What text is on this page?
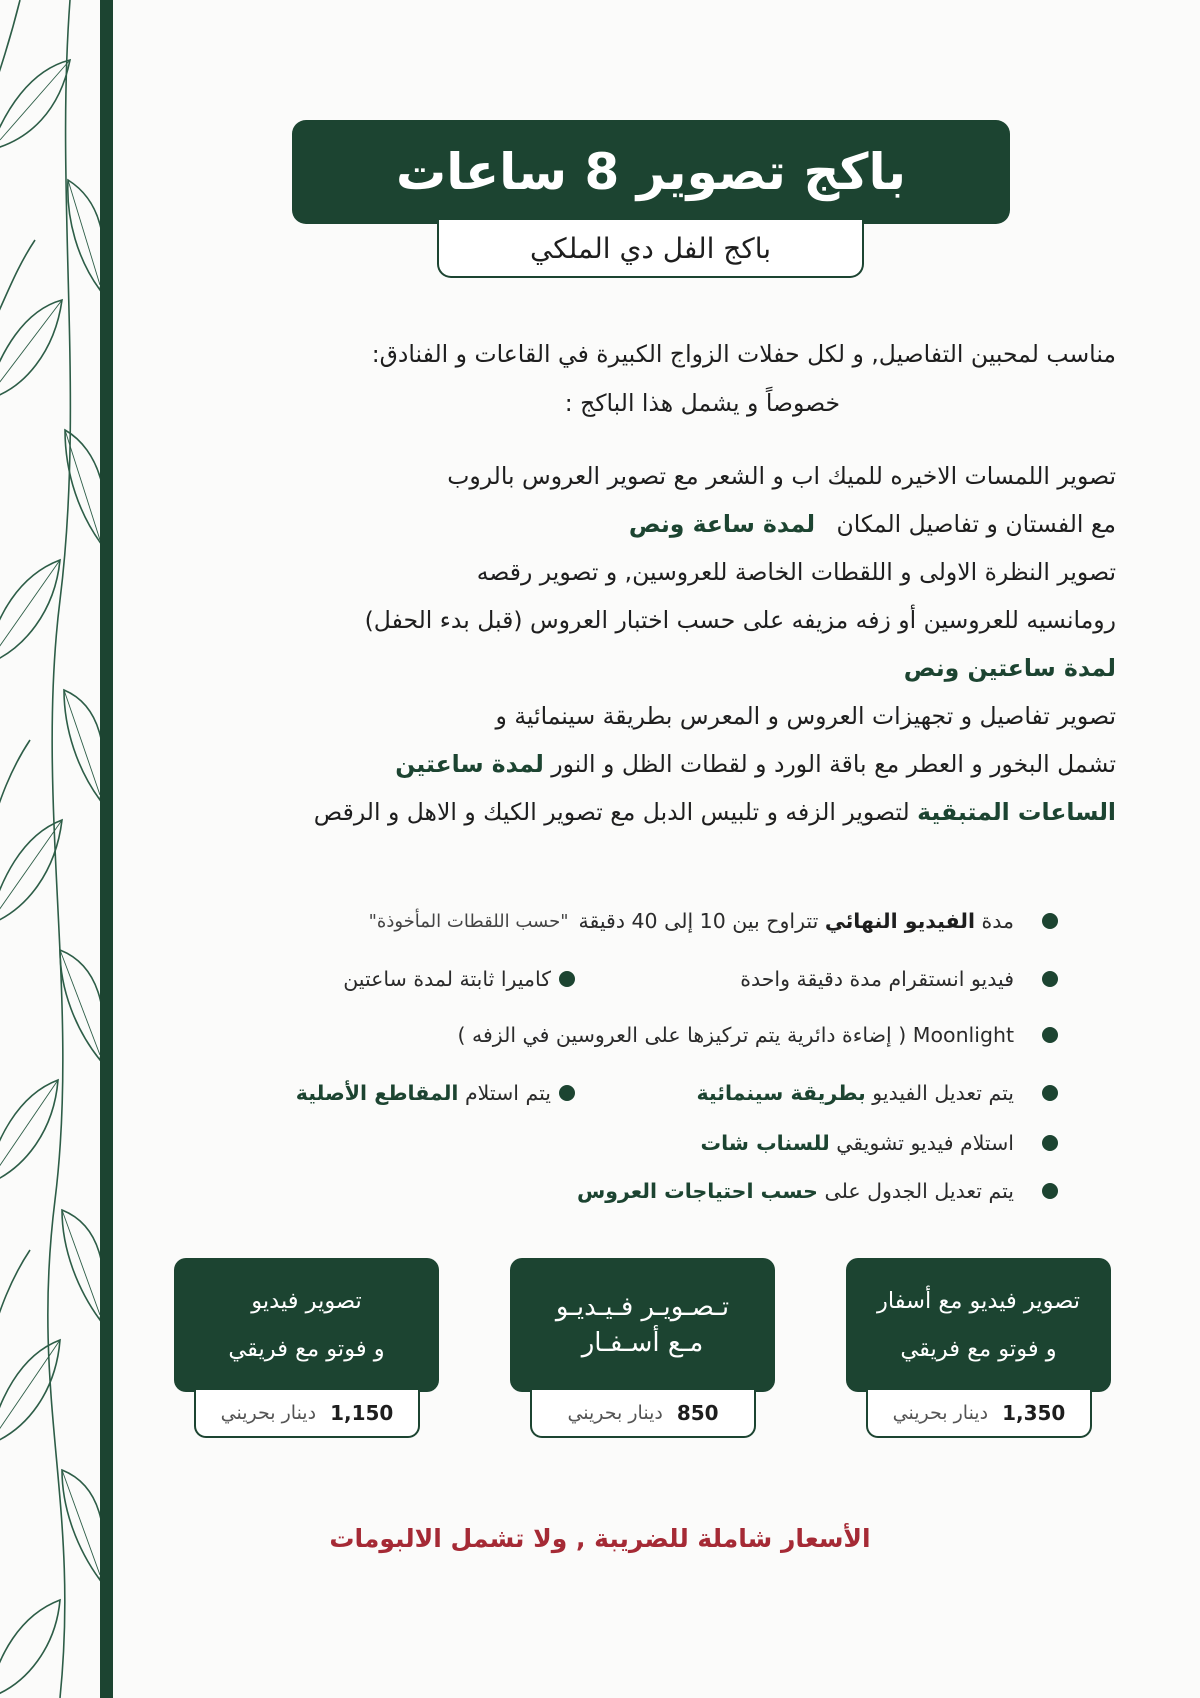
باكج تصوير 8 ساعات
باكج الفل دي الملكي
مناسب لمحبين التفاصيل, و لكل حفلات الزواج الكبيرة في القاعات و الفنادق:
خصوصاً و يشمل هذا الباكج :
تصوير اللمسات الاخيره للميك اب و الشعر مع تصوير العروس بالروب
مع الفستان و تفاصيل المكان لمدة ساعة ونص
تصوير النظرة الاولى و اللقطات الخاصة للعروسين, و تصوير رقصه
رومانسيه للعروسين أو زفه مزيفه على حسب اختبار العروس (قبل بدء الحفل)
لمدة ساعتين ونص
تصوير تفاصيل و تجهيزات العروس و المعرس بطريقة سينمائية و
تشمل البخور و العطر مع باقة الورد و لقطات الظل و النور لمدة ساعتين
الساعات المتبقية لتصوير الزفه و تلبيس الدبل مع تصوير الكيك و الاهل و الرقص
مدة

الفيديو النهائي

تتراوح بين 10 إلى 40 دقيقة
"حسب اللقطات المأخوذة"
فيديو انستقرام مدة دقيقة واحدة
كاميرا ثابتة لمدة ساعتين
Moonlight ( إضاءة دائرية يتم تركيزها على العروسين في الزفه )
يتم تعديل الفيديو

بطريقة سينمائية
يتم استلام

المقاطع الأصلية
استلام فيديو تشويقي

للسناب شات
يتم تعديل الجدول على

حسب احتياجات العروس
تصوير فيديو مع أسفار
و فوتو مع فريقي
1,350
دينار بحريني
تـصـويـر فـيـديـو
مـع أسـفـار
850
دينار بحريني
تصوير فيديو
و فوتو مع فريقي
1,150
دينار بحريني
الأسعار شاملة للضريبة , ولا تشمل الالبومات
